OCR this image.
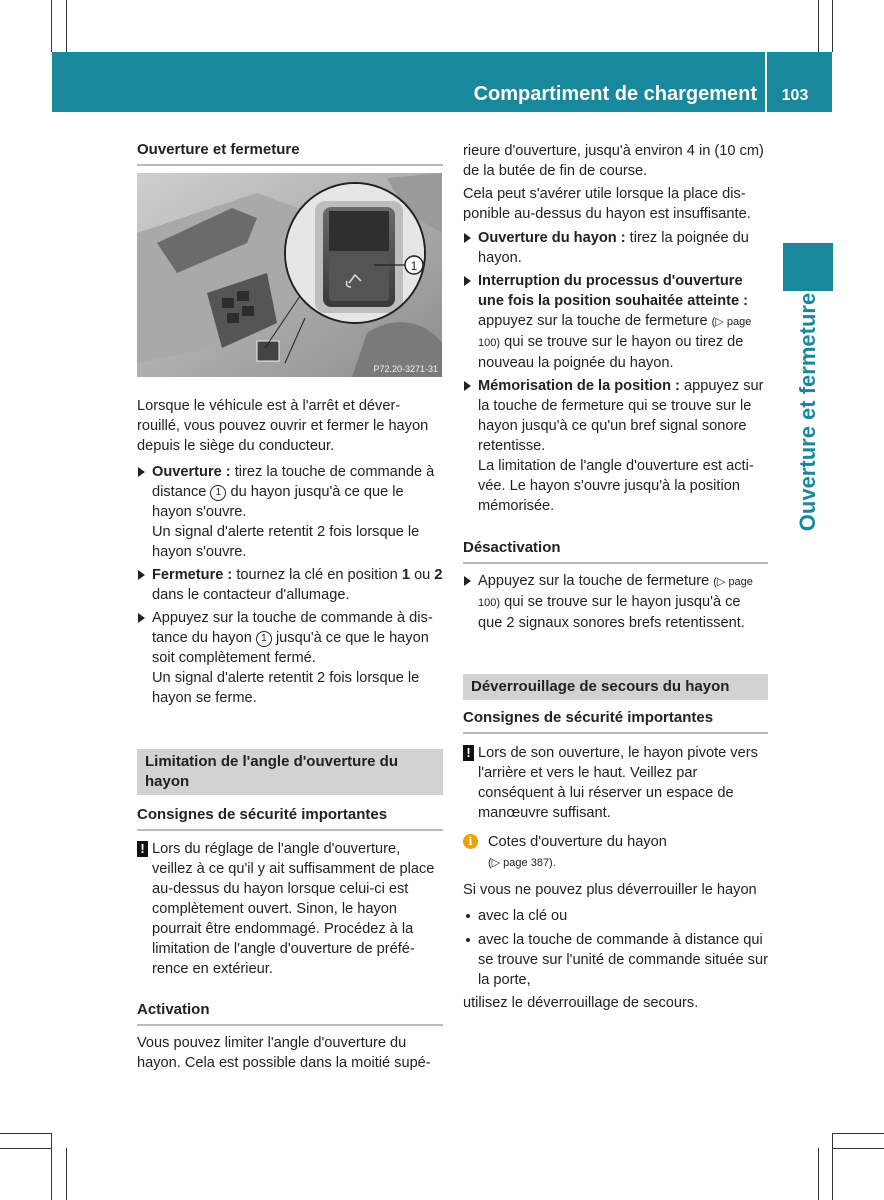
Compartiment de chargement	103
Ouverture et fermeture
1
P72.20-3271-31
Ouverture et fermeture

Lorsque le véhicule est à l'arrêt et déver-rouillé, vous pouvez ouvrir et fermer le hayon depuis le siège du conducteur.

Ouverture : tirez la touche de commande à distance 1 du hayon jusqu'à ce que le hayon s'ouvre.
Un signal d'alerte retentit 2 fois lorsque le hayon s'ouvre.
Fermeture : tournez la clé en position 1 ou 2 dans le contacteur d'allumage.
Appuyez sur la touche de commande à dis-tance du hayon 1 jusqu'à ce que le hayon soit complètement fermé.
Un signal d'alerte retentit 2 fois lorsque le hayon se ferme.
Limitation de l'angle d'ouverture du hayon
Consignes de sécurité importantes
! Lors du réglage de l'angle d'ouverture, veillez à ce qu'il y ait suffisamment de place au-dessus du hayon lorsque celui-ci est complètement ouvert. Sinon, le hayon pourrait être endommagé. Procédez à la limitation de l'angle d'ouverture de préfé-rence en extérieur.
Activation

Vous pouvez limiter l'angle d'ouverture du hayon. Cela est possible dans la moitié supé-

rieure d'ouverture, jusqu'à environ 4 in (10 cm) de la butée de fin de course.

Cela peut s'avérer utile lorsque la place dis-ponible au-dessus du hayon est insuffisante.

Ouverture du hayon : tirez la poignée du hayon.
Interruption du processus d'ouverture une fois la position souhaitée atteinte : appuyez sur la touche de fermeture (▷ page 100) qui se trouve sur le hayon ou tirez de nouveau la poignée du hayon.
Mémorisation de la position : appuyez sur la touche de fermeture qui se trouve sur le hayon jusqu'à ce qu'un bref signal sonore retentisse.
La limitation de l'angle d'ouverture est acti-vée. Le hayon s'ouvre jusqu'à la position mémorisée.
Désactivation
Appuyez sur la touche de fermeture (▷ page 100) qui se trouve sur le hayon jusqu'à ce que 2 signaux sonores brefs retentissent.
Déverrouillage de secours du hayon
Consignes de sécurité importantes
! Lors de son ouverture, le hayon pivote vers l'arrière et vers le haut. Veillez par conséquent à lui réserver un espace de manœuvre suffisant.
i	Cotes d'ouverture du hayon
(▷ page 387).

Si vous ne pouvez plus déverrouiller le hayon

avec la clé ou
avec la touche de commande à distance qui se trouve sur l'unité de commande située sur la porte,

utilisez le déverrouillage de secours.
